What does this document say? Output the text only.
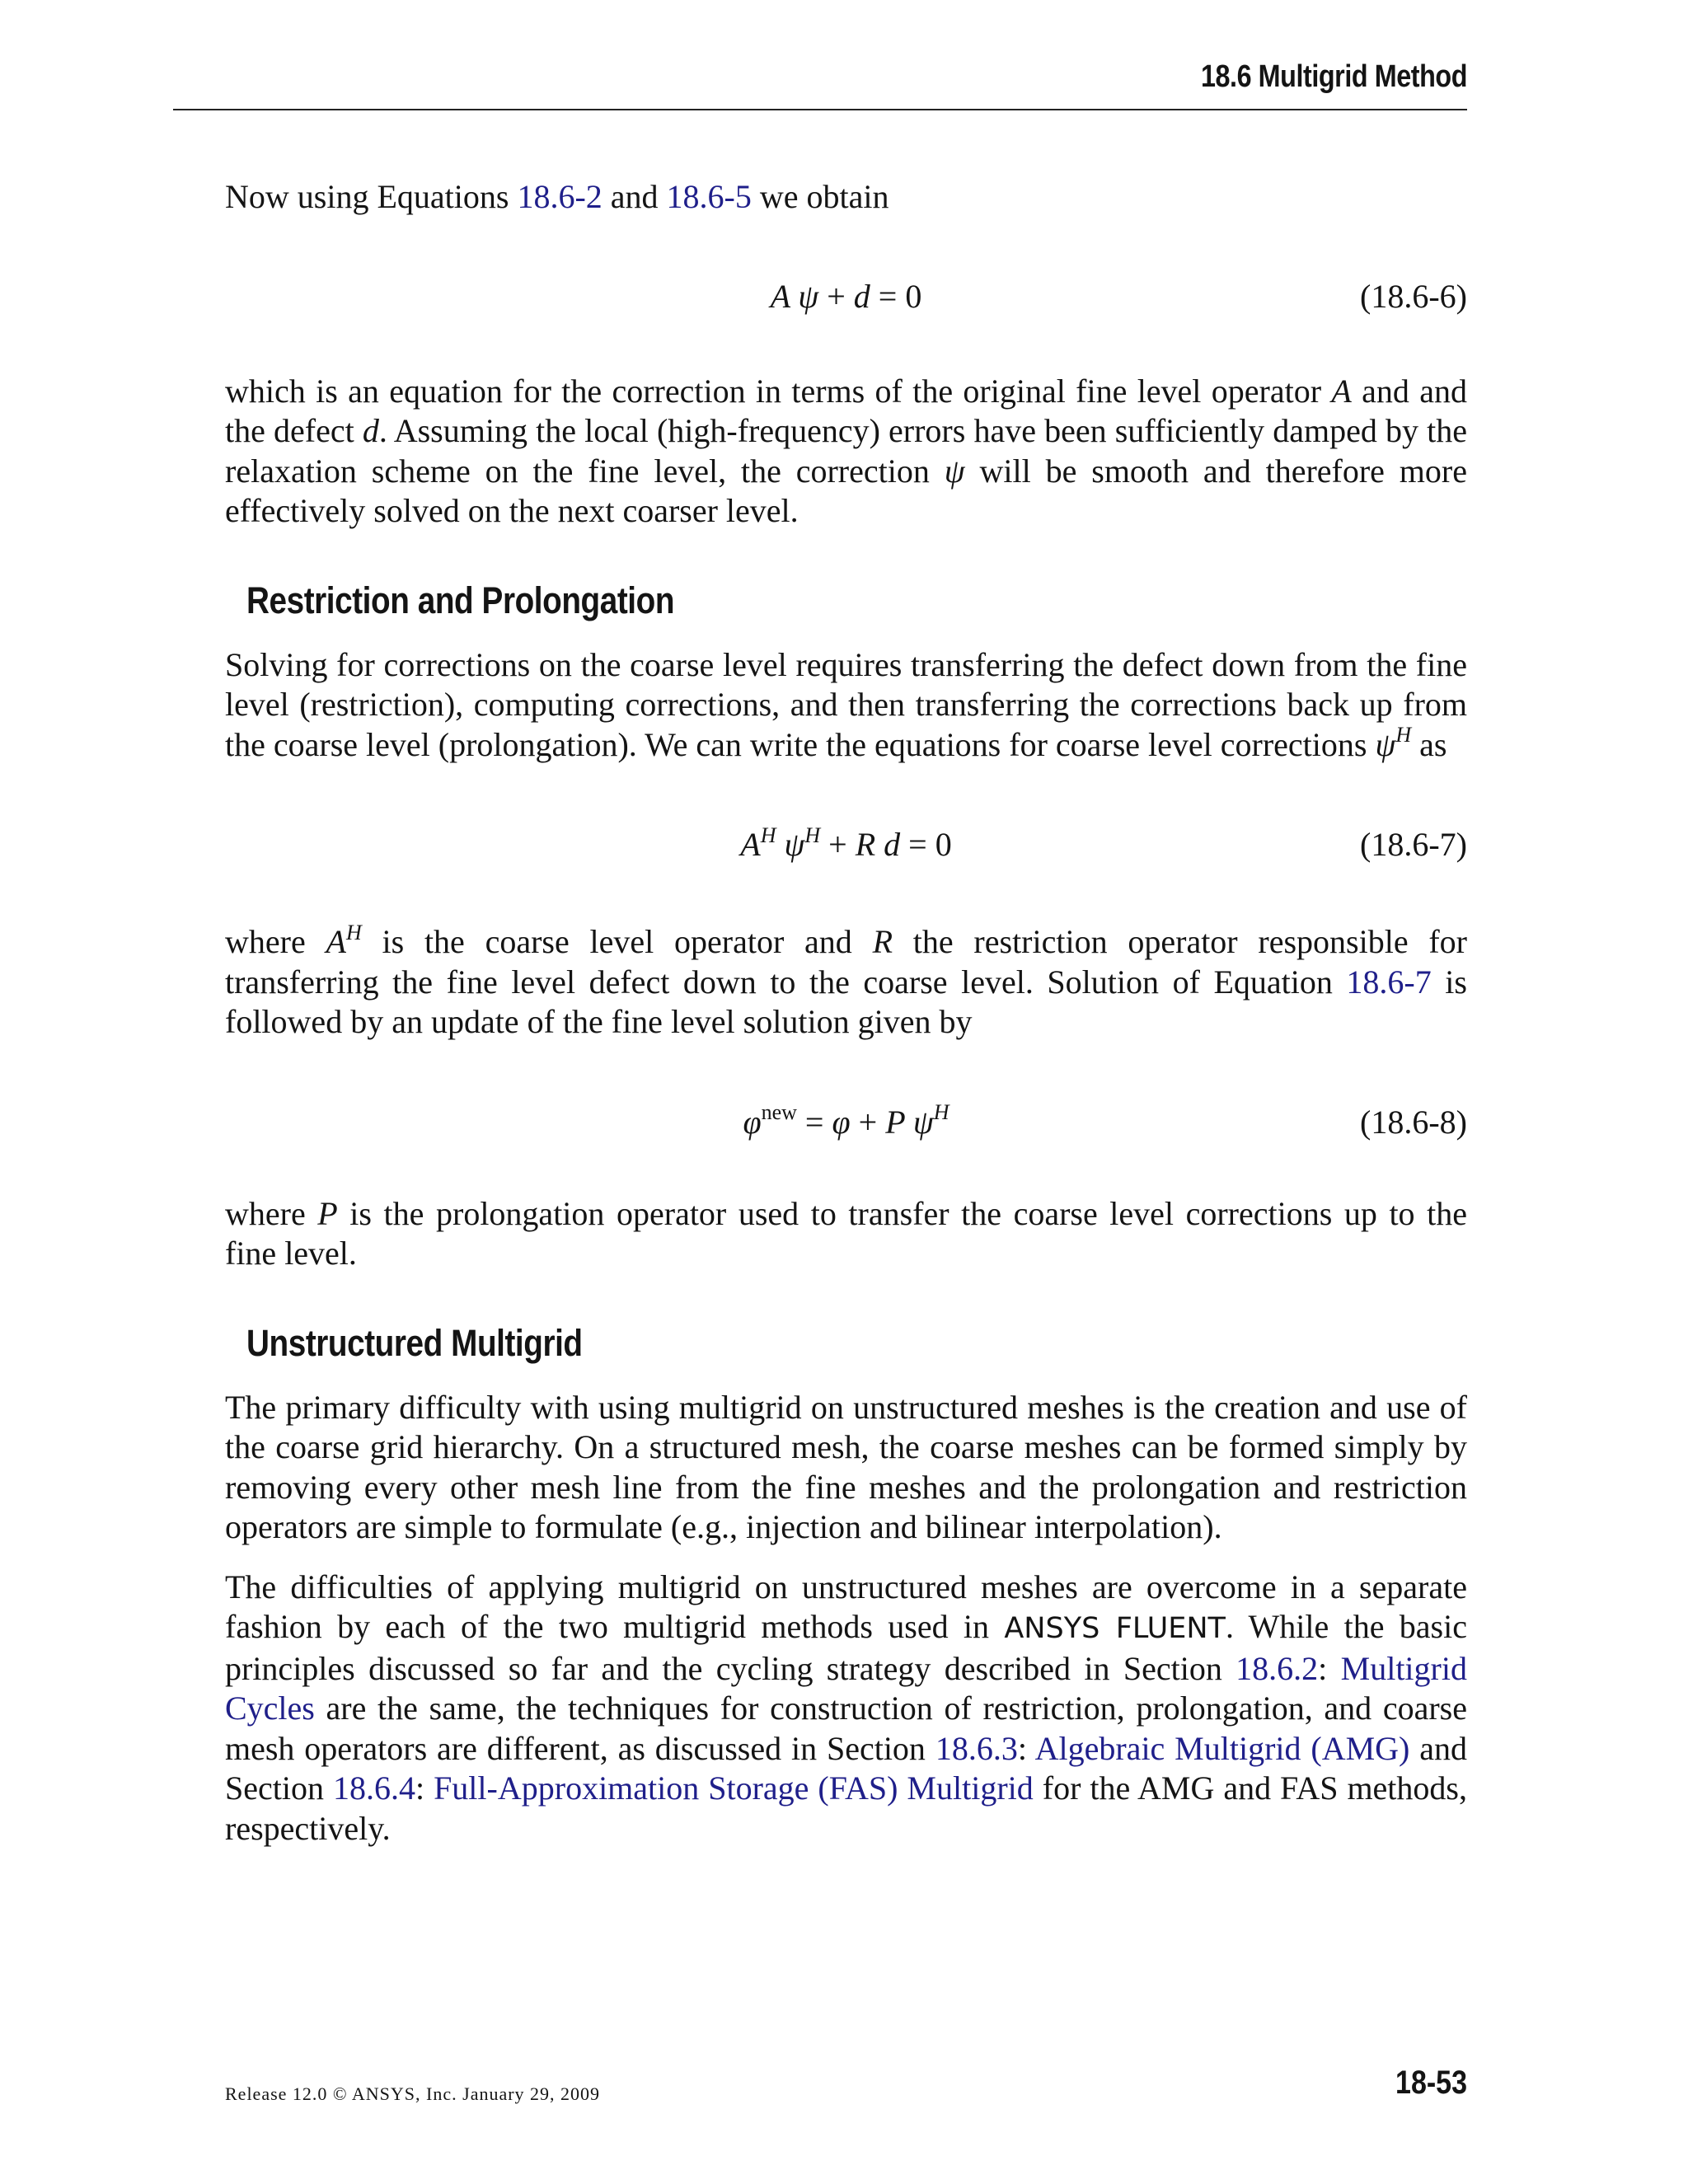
18.6 Multigrid Method

Now using Equations 18.6-2 and 18.6-5 we obtain

A ψ + d = 0	(18.6-6)

which is an equation for the correction in terms of the original fine level operator A and and the defect d. Assuming the local (high-frequency) errors have been sufficiently damped by the relaxation scheme on the fine level, the correction ψ will be smooth and therefore more effectively solved on the next coarser level.

Restriction and Prolongation

Solving for corrections on the coarse level requires transferring the defect down from the fine level (restriction), computing corrections, and then transferring the corrections back up from the coarse level (prolongation). We can write the equations for coarse level corrections $\psi^H$ as

$A^H$ $\psi^H + R$ d = 0	(18.6-7)

where $A^H$ is the coarse level operator and R the restriction operator responsible for transferring the fine level defect down to the coarse level. Solution of Equation 18.6-7 is followed by an update of the fine level solution given by

$\varphi^{new} = \varphi + P$ $\psi^H$	(18.6-8)

where P is the prolongation operator used to transfer the coarse level corrections up to the fine level.

Unstructured Multigrid

The primary difficulty with using multigrid on unstructured meshes is the creation and use of the coarse grid hierarchy. On a structured mesh, the coarse meshes can be formed simply by removing every other mesh line from the fine meshes and the prolongation and restriction operators are simple to formulate (e.g., injection and bilinear interpolation).

The difficulties of applying multigrid on unstructured meshes are overcome in a separate fashion by each of the two multigrid methods used in ANSYS FLUENT. While the basic principles discussed so far and the cycling strategy described in Section 18.6.2: Multigrid Cycles are the same, the techniques for construction of restriction, prolongation, and coarse mesh operators are different, as discussed in Section 18.6.3: Algebraic Multigrid (AMG) and Section 18.6.4: Full-Approximation Storage (FAS) Multigrid for the AMG and FAS methods, respectively.

Release 12.0 © ANSYS, Inc. January 29, 2009	18-53
